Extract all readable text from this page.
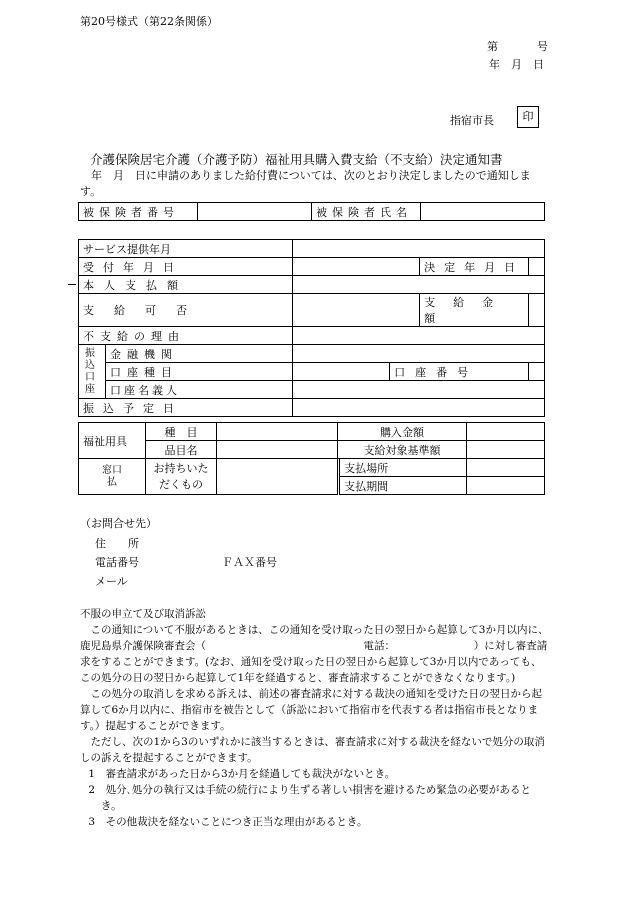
第20号様式（第22条関係）
第	号
年　月　日
指宿市長	印
介護保険居宅介護（介護予防）福祉用具購入費支給（不支給）決定通知書
　年　月　日に申請のありました給付費については、次のとおり決定しましたので通知します。
被保険者番号		被保険者氏名	
サービス提供年月					
受付年月日				決定年月日	
本人支払額					
支給可否				支給金額	
不支給の理由					
振込口座	金融機関				
	口座種目		口座番号		
	口座名義人				
振込予定日					
福祉用具	種　目		購入金額		
	品目名		支給対象基準額		
窓口払	お持ちいただくもの			支払場所	
				支払期間	
（お問合せ先）
住　　所
電話番号	ＦＡＸ番号
メール

不服の申立て及び取消訴訟

この通知について不服があるときは、この通知を受け取った日の翌日から起算して3か月以内に、鹿児島県介護保険審査会（　　　　　　　　　　　　　　　電話：　　　　　　　　）に対し審査請求をすることができます。(なお、通知を受け取った日の翌日から起算して3か月以内であっても、この処分の日の翌日から起算して1年を経過すると、審査請求することができなくなります。)

この処分の取消しを求める訴えは、前述の審査請求に対する裁決の通知を受けた日の翌日から起算して6か月以内に、指宿市を被告として（訴訟において指宿市を代表する者は指宿市長となります。）提起することができます。

ただし、次の1から3のいずれかに該当するときは、審査請求に対する裁決を経ないで処分の取消しの訴えを提起することができます。

1　審査請求があった日から3か月を経過しても裁決がないとき。

2　処分､処分の執行又は手続の続行により生ずる著しい損害を避けるため緊急の必要があるとき。

3　その他裁決を経ないことにつき正当な理由があるとき。
